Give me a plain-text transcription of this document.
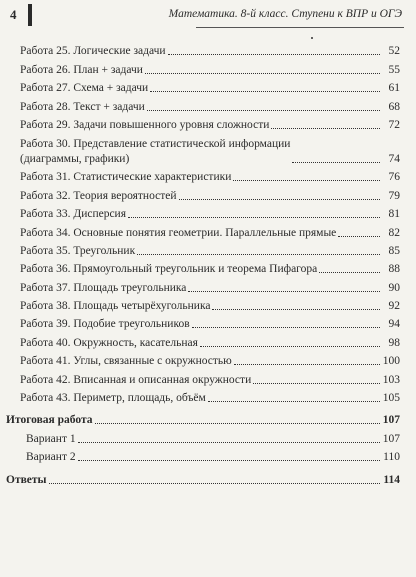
4	Математика. 8-й класс. Ступени к ВПР и ОГЭ
Работа 25. Логические задачи	52
Работа 26. План + задачи	55
Работа 27. Схема + задачи	61
Работа 28. Текст + задачи	68
Работа 29. Задачи повышенного уровня сложности	72
Работа 30. Представление статистической информации
(диаграммы, графики)	74
Работа 31. Статистические характеристики	76
Работа 32. Теория вероятностей	79
Работа 33. Дисперсия	81
Работа 34. Основные понятия геометрии. Параллельные прямые	82
Работа 35. Треугольник	85
Работа 36. Прямоугольный треугольник и теорема Пифагора	88
Работа 37. Площадь треугольника	90
Работа 38. Площадь четырёхугольника	92
Работа 39. Подобие треугольников	94
Работа 40. Окружность, касательная	98
Работа 41. Углы, связанные с окружностью	100
Работа 42. Вписанная и описанная окружности	103
Работа 43. Периметр, площадь, объём	105
Итоговая работа	107
Вариант 1	107
Вариант 2	110
Ответы	114
